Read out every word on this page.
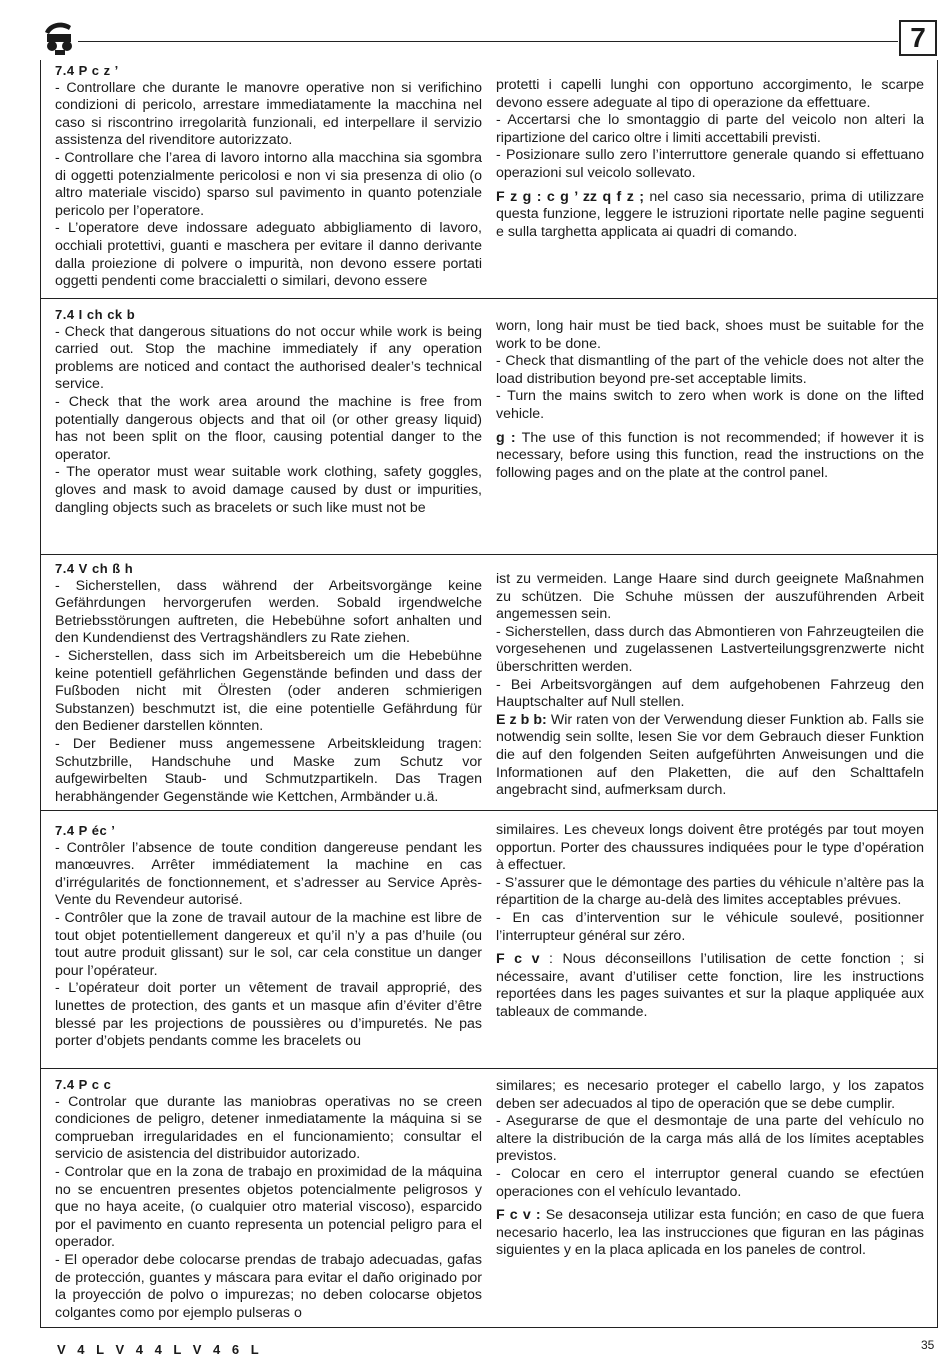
7

7.4 P c z ’

- Controllare che durante le manovre operative non si verifichino condizioni di pericolo, arrestare immediatamente la macchina nel caso si riscontrino irregolarità funzionali, ed interpellare il servizio assistenza del rivenditore autorizzato.

- Controllare che l’area di lavoro intorno alla macchina sia sgombra di oggetti potenzialmente pericolosi e non vi sia presenza di olio (o altro materiale viscido) sparso sul pavimento in quanto potenziale pericolo per l’operatore.

- L’operatore deve indossare adeguato abbigliamento di lavoro, occhiali protettivi, guanti e maschera per evitare il danno derivante dalla proiezione di polvere o impurità, non devono essere portati oggetti pendenti come braccialetti o similari, devono essere

protetti i capelli lunghi con opportuno accorgimento, le scarpe devono essere adeguate al tipo di operazione da effettuare.

- Accertarsi che lo smontaggio di parte del veicolo non alteri la ripartizione del carico oltre i limiti accettabili previsti.

- Posizionare sullo zero l’interruttore generale quando si effettuano operazioni sul veicolo sollevato.

F z g : c g ’ zz q f z ; nel caso sia necessario, prima di utilizzare questa funzione, leggere le istruzioni riportate nelle pagine seguenti e sulla targhetta applicata ai quadri di comando.

7.4 I ch ck b

- Check that dangerous situations do not occur while work is being carried out. Stop the machine immediately if any operation problems are noticed and contact the authorised dealer’s technical service.

- Check that the work area around the machine is free from potentially dangerous objects and that oil (or other greasy liquid) has not been split on the floor, causing potential danger to the operator.

- The operator must wear suitable work clothing, safety goggles, gloves and mask to avoid damage caused by dust or impurities, dangling objects such as bracelets or such like must not be

worn, long hair must be tied back, shoes must be suitable for the work to be done.

- Check that dismantling of the part of the vehicle does not alter the load distribution beyond pre-set acceptable limits.

- Turn the mains switch to zero when work is done on the lifted vehicle.

g : The use of this function is not recommended; if however it is necessary, before using this function, read the instructions on the following pages and on the plate at the control panel.

7.4 V ch ß h

- Sicherstellen, dass während der Arbeitsvorgänge keine Gefährdungen hervorgerufen werden. Sobald irgendwelche Betriebsstörungen auftreten, die Hebebühne sofort anhalten und den Kundendienst des Vertragshändlers zu Rate ziehen.

- Sicherstellen, dass sich im Arbeitsbereich um die Hebebühne keine potentiell gefährlichen Gegenstände befinden und dass der Fußboden nicht mit Ölresten (oder anderen schmierigen Substanzen) beschmutzt ist, die eine potentielle Gefährdung für den Bediener darstellen könnten.

- Der Bediener muss angemessene Arbeitskleidung tragen: Schutzbrille, Handschuhe und Maske zum Schutz vor aufgewirbelten Staub- und Schmutzpartikeln. Das Tragen herabhängender Gegenstände wie Kettchen, Armbänder u.ä.

ist zu vermeiden. Lange Haare sind durch geeignete Maßnahmen zu schützen. Die Schuhe müssen der auszuführenden Arbeit angemessen sein.

- Sicherstellen, dass durch das Abmontieren von Fahrzeugteilen die vorgesehenen und zugelassenen Lastverteilungsgrenzwerte nicht überschritten werden.

- Bei Arbeitsvorgängen auf dem aufgehobenen Fahrzeug den Hauptschalter auf Null stellen.

E z b b: Wir raten von der Verwendung dieser Funktion ab. Falls sie notwendig sein sollte, lesen Sie vor dem Gebrauch dieser Funktion die auf den folgenden Seiten aufgeführten Anweisungen und die Informationen auf den Plaketten, die auf den Schalttafeln angebracht sind, aufmerksam durch.

7.4 P éc ’

- Contrôler l’absence de toute condition dangereuse pendant les manœuvres. Arrêter immédiatement la machine en cas d’irrégularités de fonctionnement, et s’adresser au Service Après-Vente du Revendeur autorisé.

- Contrôler que la zone de travail autour de la machine est libre de tout objet potentiellement dangereux et qu’il n’y a pas d’huile (ou tout autre produit glissant) sur le sol, car cela constitue un danger pour l’opérateur.

- L’opérateur doit porter un vêtement de travail approprié, des lunettes de protection, des gants et un masque afin d’éviter d’être blessé par les projections de poussières ou d’impuretés. Ne pas porter d’objets pendants comme les bracelets ou

similaires. Les cheveux longs doivent être protégés par tout moyen opportun. Porter des chaussures indiquées pour le type d’opération à effectuer.

- S’assurer que le démontage des parties du véhicule n’altère pas la répartition de la charge au-delà des limites acceptables prévues.

- En cas d’intervention sur le véhicule soulevé, positionner l’interrupteur général sur zéro.

F c v : Nous déconseillons l’utilisation de cette fonction ; si nécessaire, avant d’utiliser cette fonction, lire les instructions reportées dans les pages suivantes et sur la plaque appliquée aux tableaux de commande.

7.4 P c c

- Controlar que durante las maniobras operativas no se creen condiciones de peligro, detener inmediatamente la máquina si se comprueban irregularidades en el funcionamiento; consultar el servicio de asistencia del distribuidor autorizado.

- Controlar que en la zona de trabajo en proximidad de la máquina no se encuentren presentes objetos potencialmente peligrosos y que no haya aceite, (o cualquier otro material viscoso), esparcido por el pavimento en cuanto representa un potencial peligro para el operador.

- El operador debe colocarse prendas de trabajo adecuadas, gafas de protección, guantes y máscara para evitar el daño originado por la proyección de polvo o impurezas; no deben colocarse objetos colgantes como por ejemplo pulseras o

similares; es necesario proteger el cabello largo, y los zapatos deben ser adecuados al tipo de operación que se debe cumplir.

- Asegurarse de que el desmontaje de una parte del vehículo no altere la distribución de la carga más allá de los límites aceptables previstos.

- Colocar en cero el interruptor general cuando se efectúen operaciones con el vehículo levantado.

F c v : Se desaconseja utilizar esta función; en caso de que fuera necesario hacerlo, lea las instrucciones que figuran en las páginas siguientes y en la placa aplicada en los paneles de control.

V 4 L V 4 4 L V 4 6 L	35
